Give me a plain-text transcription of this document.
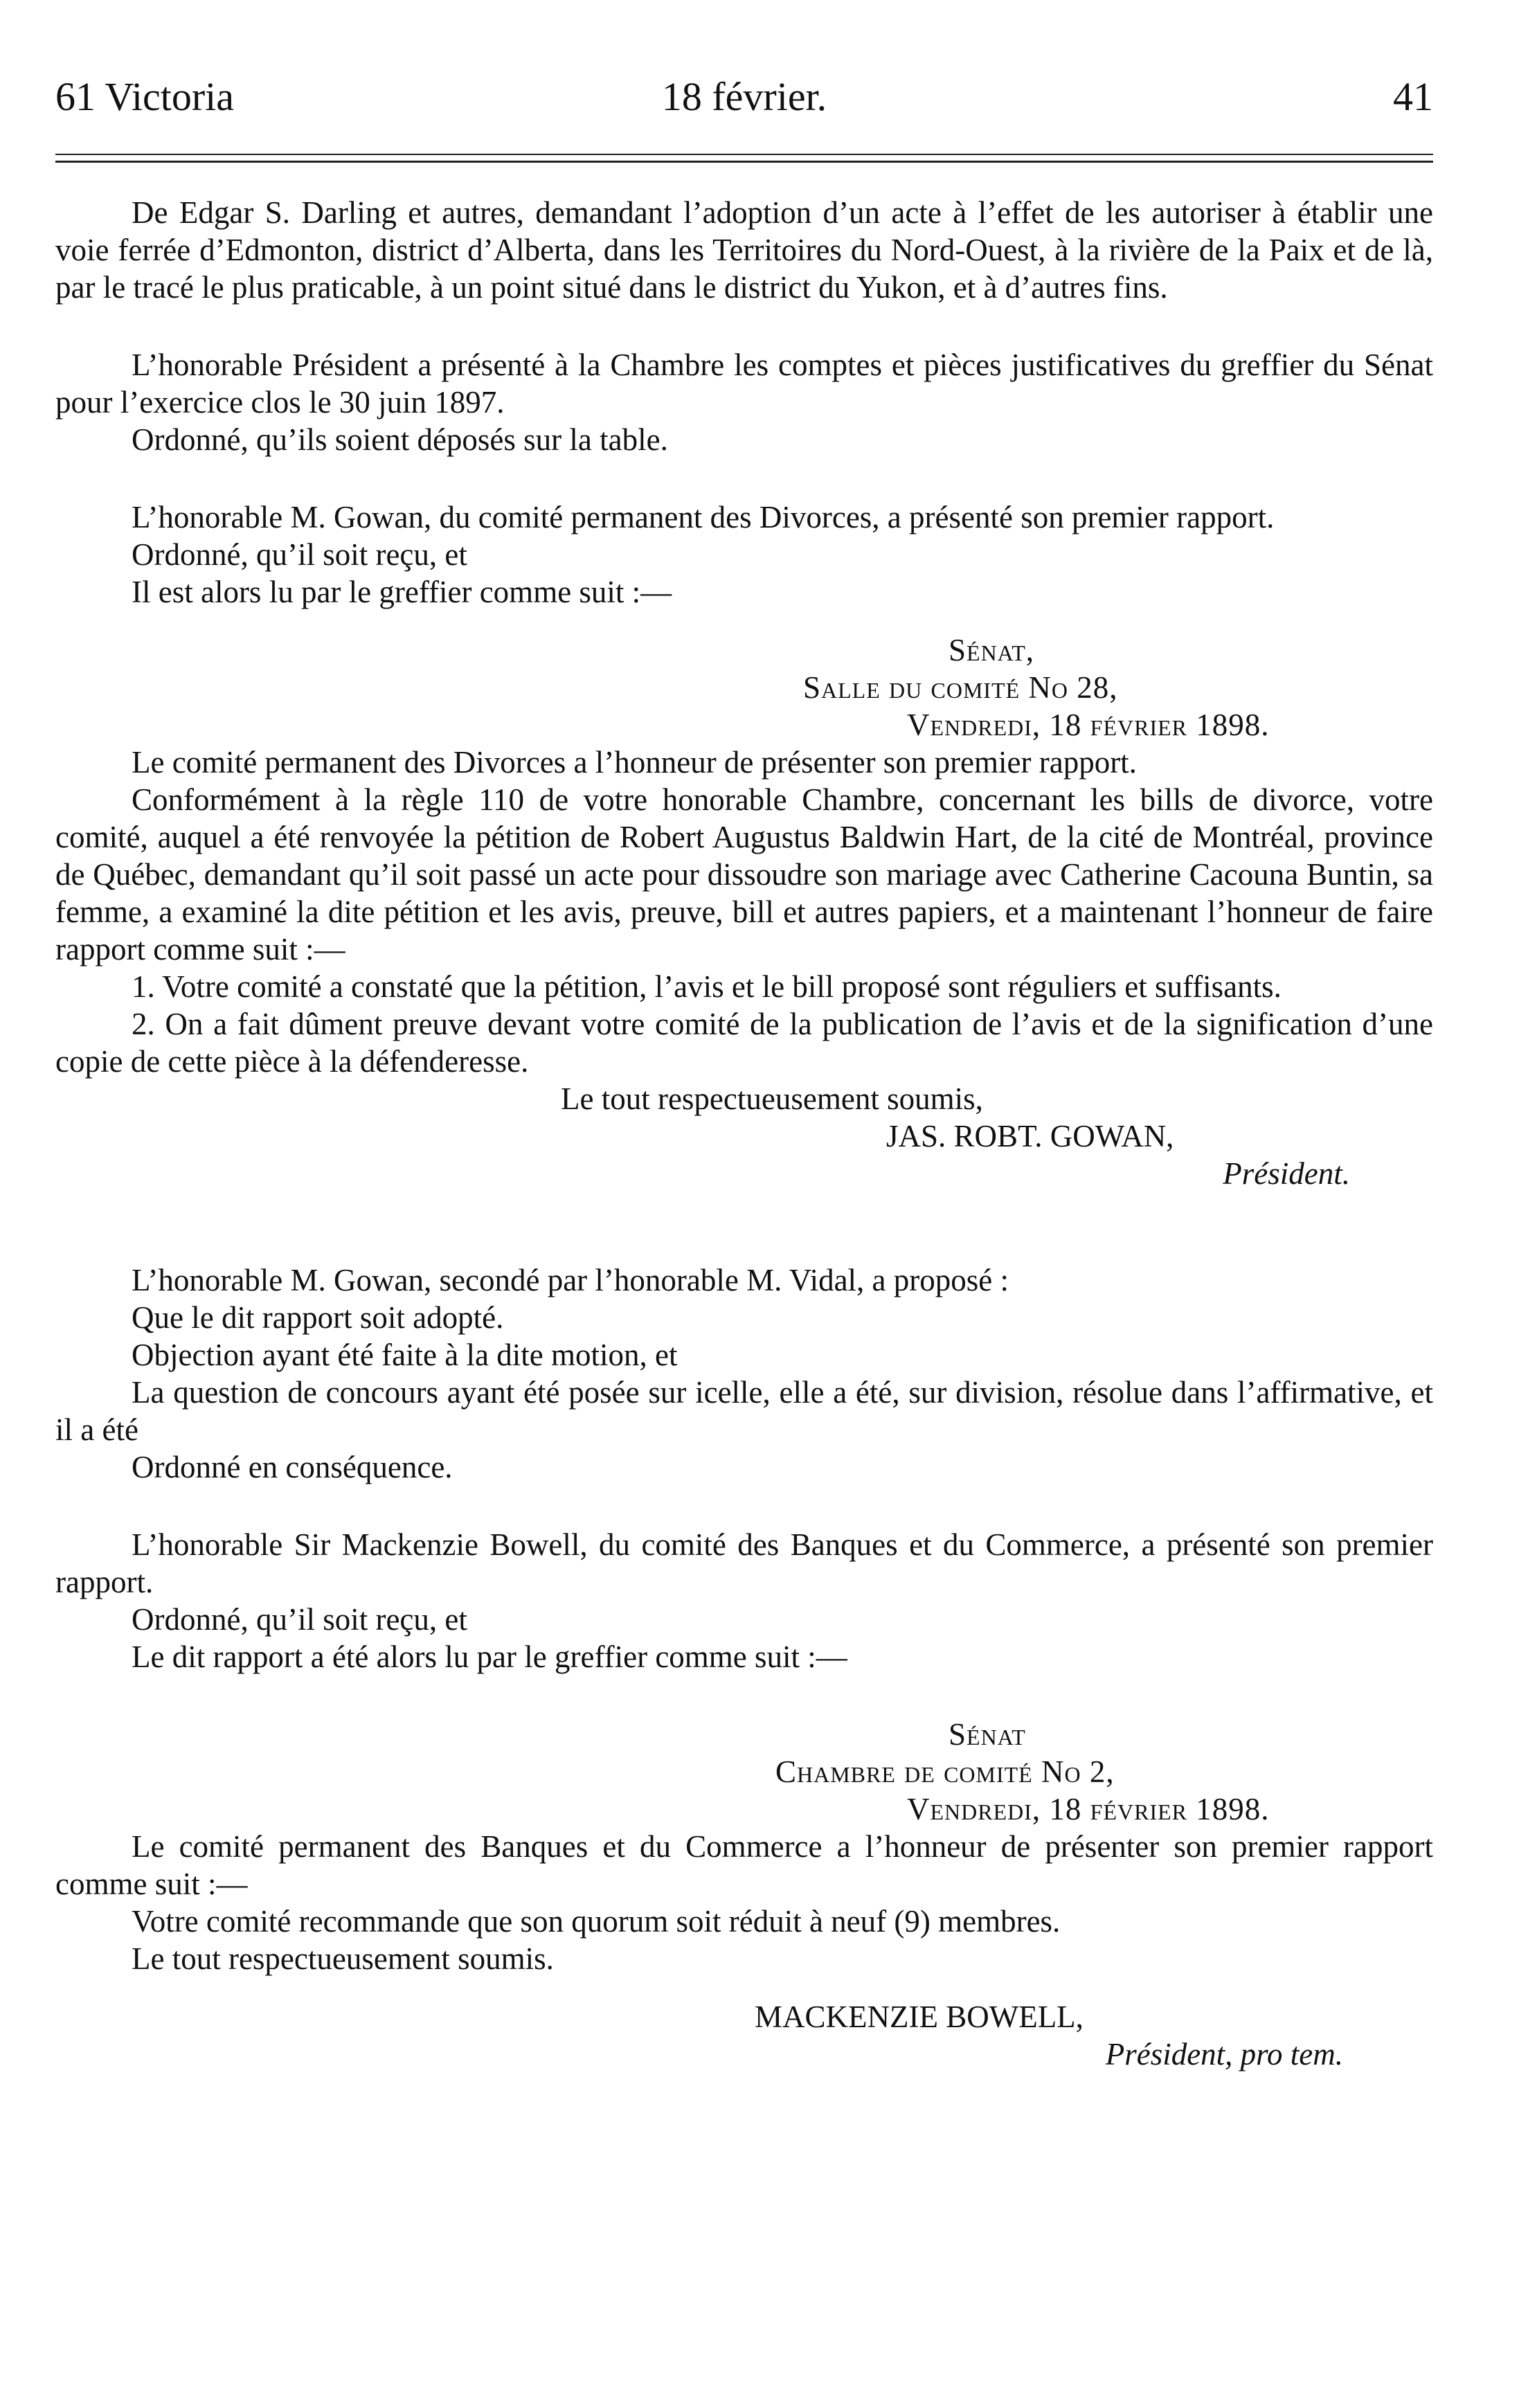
61 Victoria	18 février.	41

De Edgar S. Darling et autres, demandant l’adoption d’un acte à l’effet de les autoriser à établir une voie ferrée d’Edmonton, district d’Alberta, dans les Territoires du Nord-Ouest, à la rivière de la Paix et de là, par le tracé le plus praticable, à un point situé dans le district du Yukon, et à d’autres fins.

L’honorable Président a présenté à la Chambre les comptes et pièces justificatives du greffier du Sénat pour l’exercice clos le 30 juin 1897.

Ordonné, qu’ils soient déposés sur la table.

L’honorable M. Gowan, du comité permanent des Divorces, a présenté son premier rapport.

Ordonné, qu’il soit reçu, et

Il est alors lu par le greffier comme suit :—

Sénat,

Salle du comité No 28,

Vendredi, 18 février 1898.

Le comité permanent des Divorces a l’honneur de présenter son premier rapport.

Conformément à la règle 110 de votre honorable Chambre, concernant les bills de divorce, votre comité, auquel a été renvoyée la pétition de Robert Augustus Baldwin Hart, de la cité de Montréal, province de Québec, demandant qu’il soit passé un acte pour dissoudre son mariage avec Catherine Cacouna Buntin, sa femme, a examiné la dite pétition et les avis, preuve, bill et autres papiers, et a maintenant l’honneur de faire rapport comme suit :—

1. Votre comité a constaté que la pétition, l’avis et le bill proposé sont réguliers et suffisants.

2. On a fait dûment preuve devant votre comité de la publication de l’avis et de la signification d’une copie de cette pièce à la défenderesse.

Le tout respectueusement soumis,

JAS. ROBT. GOWAN,

Président.

L’honorable M. Gowan, secondé par l’honorable M. Vidal, a proposé :

Que le dit rapport soit adopté.

Objection ayant été faite à la dite motion, et

La question de concours ayant été posée sur icelle, elle a été, sur division, résolue dans l’affirmative, et il a été

Ordonné en conséquence.

L’honorable Sir Mackenzie Bowell, du comité des Banques et du Commerce, a présenté son premier rapport.

Ordonné, qu’il soit reçu, et

Le dit rapport a été alors lu par le greffier comme suit :—

Sénat

Chambre de comité No 2,

Vendredi, 18 février 1898.

Le comité permanent des Banques et du Commerce a l’honneur de présenter son premier rapport comme suit :—

Votre comité recommande que son quorum soit réduit à neuf (9) membres.

Le tout respectueusement soumis.

MACKENZIE BOWELL,

Président, pro tem.
